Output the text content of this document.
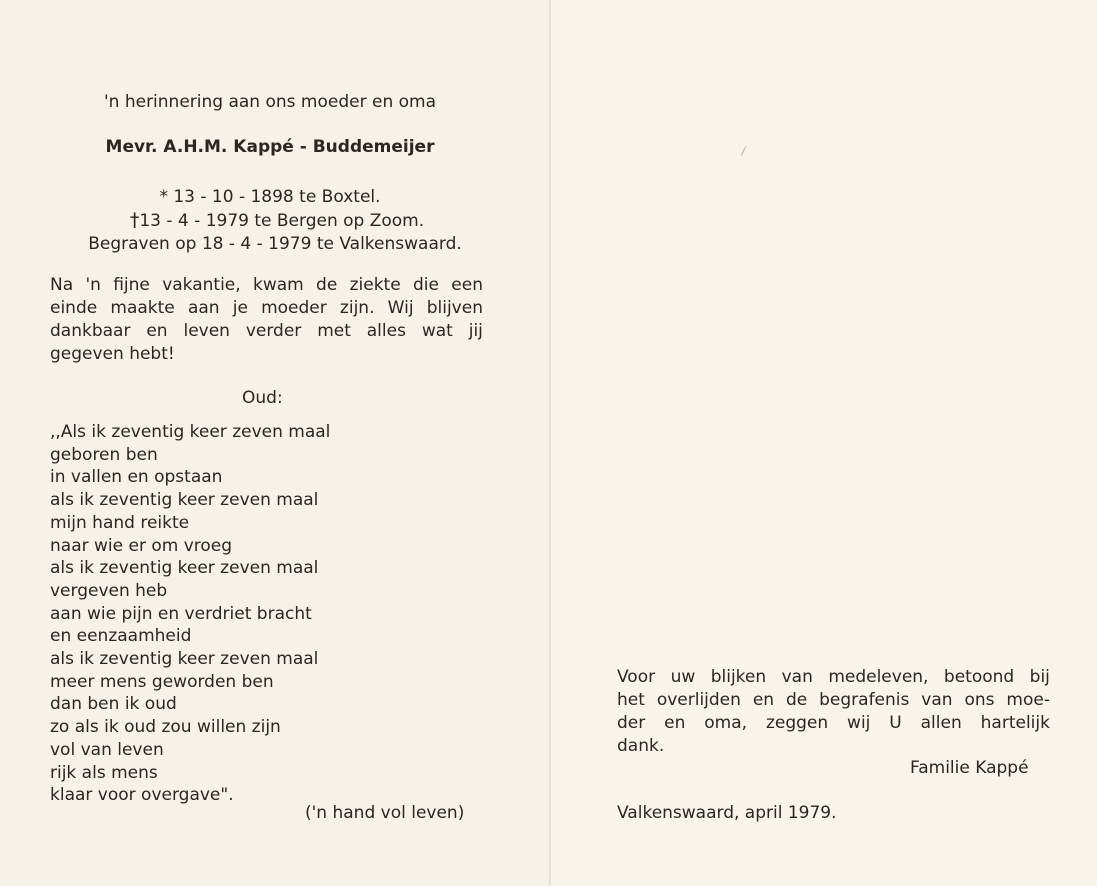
'n herinnering aan ons moeder en oma
Mevr. A.H.M. Kappé - Buddemeijer
* 13 - 10 - 1898 te Boxtel.
†13 - 4 - 1979 te Bergen op Zoom.
Begraven op 18 - 4 - 1979 te Valkenswaard.
Na 'n fijne vakantie, kwam de ziekte die een
einde maakte aan je moeder zijn. Wij blijven
dankbaar en leven verder met alles wat jij
gegeven hebt!
Oud:
,,Als ik zeventig keer zeven maal
geboren ben
in vallen en opstaan
als ik zeventig keer zeven maal
mijn hand reikte
naar wie er om vroeg
als ik zeventig keer zeven maal
vergeven heb
aan wie pijn en verdriet bracht
en eenzaamheid
als ik zeventig keer zeven maal
meer mens geworden ben
dan ben ik oud
zo als ik oud zou willen zijn
vol van leven
rijk als mens
klaar voor overgave".
('n hand vol leven)
Voor uw blijken van medeleven, betoond bij
het overlijden en de begrafenis van ons moe-
der en oma, zeggen wij U allen hartelijk
dank.
Familie Kappé
Valkenswaard, april 1979.
